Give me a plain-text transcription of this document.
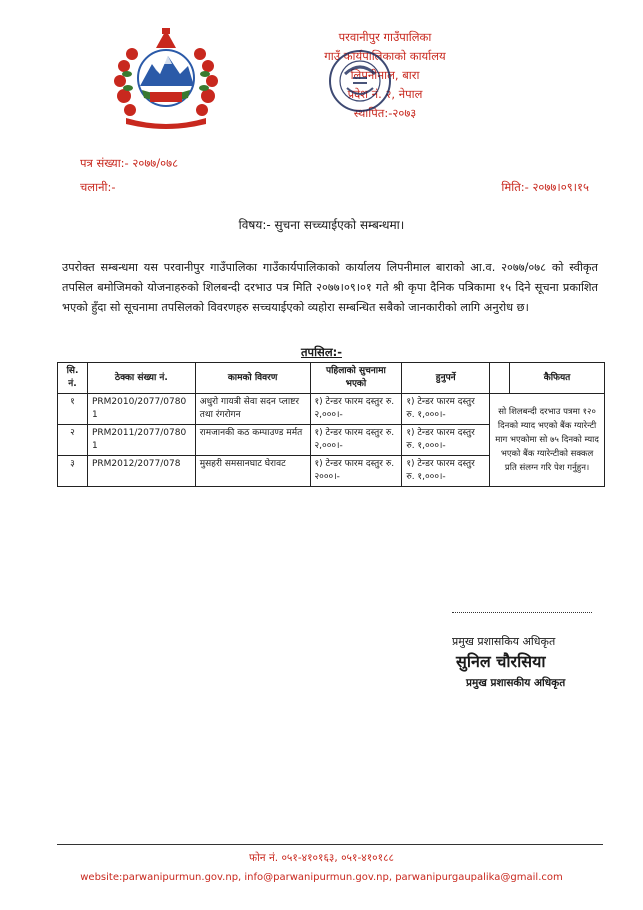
परवानीपुर गाउँपालिका
गाउँ कार्यपालिकाको कार्यालय
लिपनीमाल, बारा
प्रदेश नं. २, नेपाल
स्थापित:-२०७३
पत्र संख्या:- २०७७/०७८
चलानी:-	मिति:- २०७७।०९।१५
विषय:- सुचना सच्च्याईएको सम्बन्धमा।
उपरोक्त सम्बन्धमा यस परवानीपुर गाउँपालिका गाउँकार्यपालिकाको कार्यालय लिपनीमाल बाराको आ.व. २०७७/०७८ को स्वीकृत तपसिल बमोजिमको योजनाहरुको शिलबन्दी दरभाउ पत्र मिति २०७७।०९।०१ गते श्री कृपा दैनिक पत्रिकामा १५ दिने सूचना प्रकाशित भएको हुँदा सो सूचनामा तपसिलको विवरणहरु सच्चयाईएको व्यहोरा सम्बन्धित सबैको जानकारीको लागि अनुरोध छ।
तपसिल:-
सि. नं.	ठेक्का संख्या नं.	कामको विवरण	पहिलाको सुचनामा भएको	हुनुपर्ने		कैफियत
१	PRM2010/2077/07801	अधुरो गायत्री सेवा सदन प्लाष्टर तथा रंगरोगन	१) टेन्डर फारम दस्तुर रु. २,०००।-	१) टेन्डर फारम दस्तुर रु. १,०००।-	सो शिलबन्दी दरभाउ पत्रमा १२० दिनको म्याद भएको बैंक ग्यारेन्टी माग भएकोमा सो ७५ दिनको म्याद भएको बैंक ग्यारेन्टीको सक्कल प्रति संलग्न गरि पेश गर्नुहुन।	
२	PRM2011/2077/07801	रामजानकी कठ कम्पाउण्ड मर्मत	१) टेन्डर फारम दस्तुर रु. २,०००।-	१) टेन्डर फारम दस्तुर रु. १,०००।-		
३	PRM2012/2077/078	मुसहरी समसानघाट घेरावट	१) टेन्डर फारम दस्तुर रु. २०००।-	१) टेन्डर फारम दस्तुर रु. १,०००।-		
प्रमुख प्रशासकिय अधिकृत
सुनिल चौरसिया
प्रमुख प्रशासकीय अधिकृत
फोन नं. ०५१-४१०१६३, ०५१-४१०१८८
website:parwanipurmun.gov.np, info@parwanipurmun.gov.np, parwanipurgaupalika@gmail.com
